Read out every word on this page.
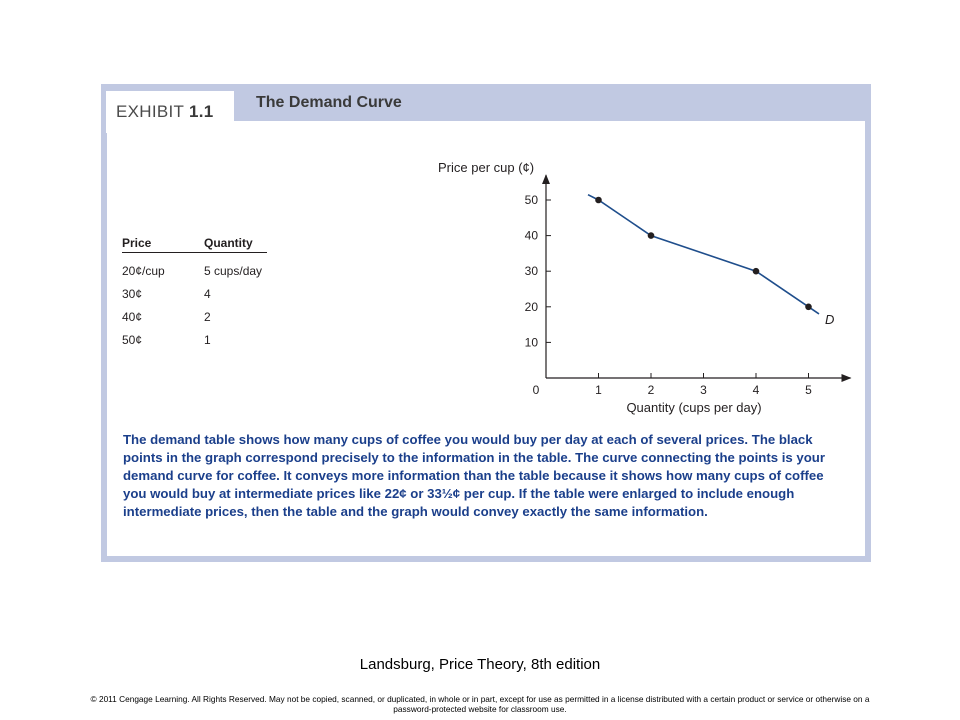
EXHIBIT 1.1	The Demand Curve
Price	Quantity
20¢/cup	5 cups/day
30¢	4
40¢	2
50¢	1
Price per cup (¢)
Quantity (cups per day)
0	1	2	3	4	5
10
20
30
40
50
D
The demand table shows how many cups of coffee you would buy per day at each of several prices. The black points in the graph correspond precisely to the information in the table. The curve connecting the points is your demand curve for coffee. It conveys more information than the table because it shows how many cups of coffee you would buy at intermediate prices like 22¢ or 33½¢ per cup. If the table were enlarged to include enough intermediate prices, then the table and the graph would convey exactly the same information.
Landsburg, Price Theory, 8th edition
© 2011 Cengage Learning. All Rights Reserved. May not be copied, scanned, or duplicated, in whole or in part, except for use as permitted in a license distributed with a certain product or service or otherwise on a password-protected website for classroom use.
